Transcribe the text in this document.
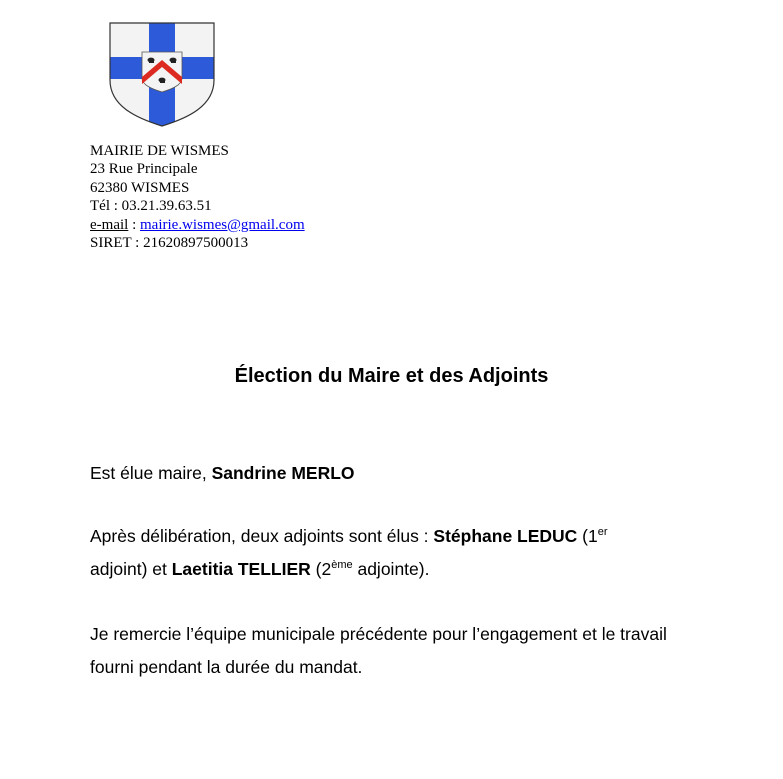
MAIRIE DE WISMES
23 Rue Principale
62380 WISMES
Tél : 03.21.39.63.51
e-mail : mairie.wismes@gmail.com
SIRET : 21620897500013
Élection du Maire et des Adjoints
Est élue maire, Sandrine MERLO
Après délibération, deux adjoints sont élus : Stéphane LEDUC (1er
adjoint) et Laetitia TELLIER (2ème adjointe).
Je remercie l’équipe municipale précédente pour l’engagement et le travail fourni pendant la durée du mandat.
